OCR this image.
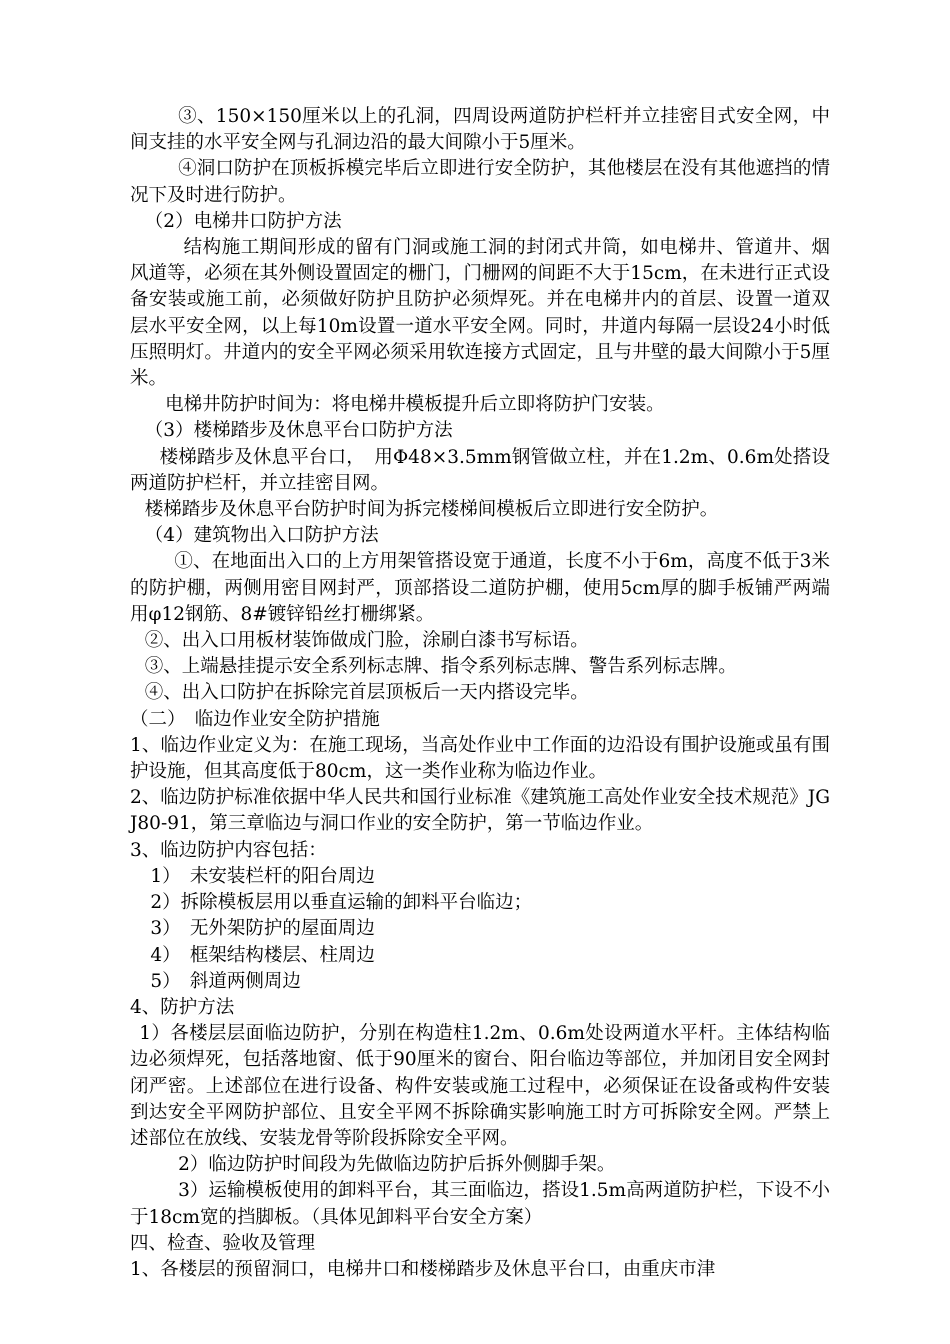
③、150×150厘米以上的孔洞，四周设两道防护栏杆并立挂密目式安全网，中间支挂的水平安全网与孔洞边沿的最大间隙小于5厘米。

④洞口防护在顶板拆模完毕后立即进行安全防护，其他楼层在没有其他遮挡的情况下及时进行防护。

（2）电梯井口防护方法

结构施工期间形成的留有门洞或施工洞的封闭式井筒，如电梯井、管道井、烟风道等，必须在其外侧设置固定的栅门，门栅网的间距不大于15cm，在未进行正式设备安装或施工前，必须做好防护且防护必须焊死。并在电梯井内的首层、设置一道双层水平安全网，以上每10m设置一道水平安全网。同时，井道内每隔一层设24小时低压照明灯。井道内的安全平网必须采用软连接方式固定，且与井壁的最大间隙小于5厘米。

电梯井防护时间为：将电梯井模板提升后立即将防护门安装。

（3）楼梯踏步及休息平台口防护方法

楼梯踏步及休息平台口，　用Φ48×3.5mm钢管做立柱，并在1.2m、0.6m处搭设两道防护栏杆，并立挂密目网。

楼梯踏步及休息平台防护时间为拆完楼梯间模板后立即进行安全防护。

（4）建筑物出入口防护方法

①、在地面出入口的上方用架管搭设宽于通道，长度不小于6m，高度不低于3米的防护棚，两侧用密目网封严，顶部搭设二道防护棚，使用5cm厚的脚手板铺严两端用φ12钢筋、8#镀锌铅丝打栅绑紧。

②、出入口用板材装饰做成门脸，涂刷白漆书写标语。

③、上端悬挂提示安全系列标志牌、指令系列标志牌、警告系列标志牌。

④、出入口防护在拆除完首层顶板后一天内搭设完毕。

（二）　临边作业安全防护措施

1、临边作业定义为：在施工现场，当高处作业中工作面的边沿设有围护设施或虽有围护设施，但其高度低于80cm，这一类作业称为临边作业。

2、临边防护标准依据中华人民共和国行业标准《建筑施工高处作业安全技术规范》JGJ80-91，第三章临边与洞口作业的安全防护，第一节临边作业。

3、临边防护内容包括：

1）　未安装栏杆的阳台周边

2）拆除模板层用以垂直运输的卸料平台临边；

3）　无外架防护的屋面周边

4）　框架结构楼层、柱周边

5）　斜道两侧周边

4、防护方法

1）各楼层层面临边防护，分别在构造柱1.2m、0.6m处设两道水平杆。主体结构临边必须焊死，包括落地窗、低于90厘米的窗台、阳台临边等部位，并加闭目安全网封闭严密。上述部位在进行设备、构件安装或施工过程中，必须保证在设备或构件安装到达安全平网防护部位、且安全平网不拆除确实影响施工时方可拆除安全网。严禁上述部位在放线、安装龙骨等阶段拆除安全平网。

2）临边防护时间段为先做临边防护后拆外侧脚手架。

3）运输模板使用的卸料平台，其三面临边，搭设1.5m高两道防护栏，下设不小于18cm宽的挡脚板。（具体见卸料平台安全方案）

四、检查、验收及管理

1、各楼层的预留洞口，电梯井口和楼梯踏步及休息平台口，由重庆市津
